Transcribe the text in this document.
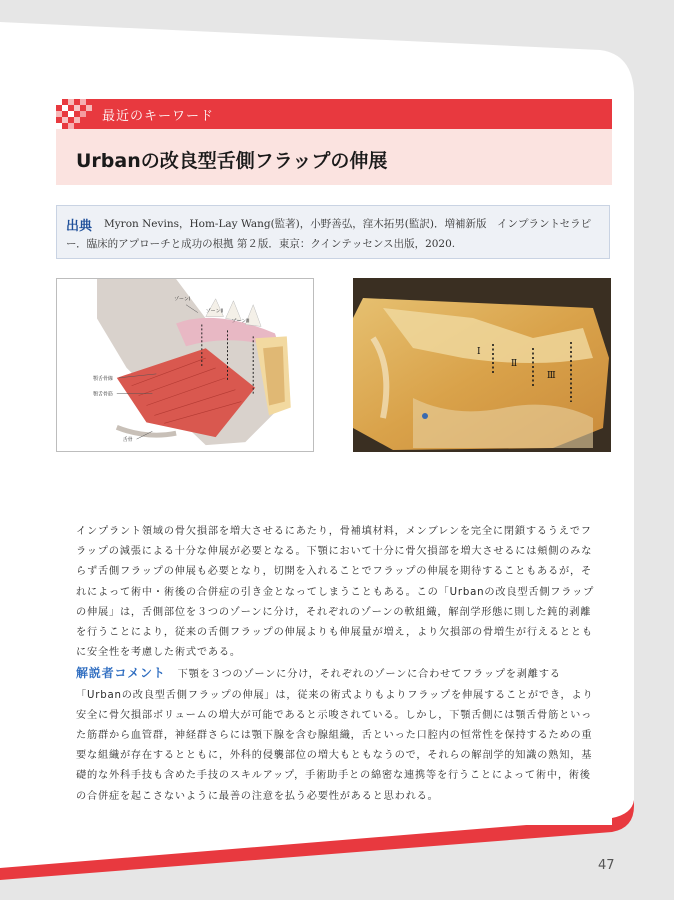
最近のキーワード
Urbanの改良型舌側フラップの伸展
出典	Myron Nevins，Hom-Lay Wang(監著)，小野善弘，窪木拓男(監訳)．増補新版　インプラントセラピー．臨床的アプローチと成功の根拠 第２版．東京：クインテッセンス出版，2020.
ゾーンⅠ
ゾーンⅡ
ゾーンⅢ
顎舌骨線
顎舌骨筋
舌骨
Ⅰ
Ⅱ
Ⅲ

インプラント領域の骨欠損部を増大させるにあたり，骨補填材料，メンブレンを完全に閉鎖するうえでフラップの減張による十分な伸展が必要となる。下顎において十分に骨欠損部を増大させるには頬側のみならず舌側フラップの伸展も必要となり，切開を入れることでフラップの伸展を期待することもあるが，それによって術中・術後の合併症の引き金となってしまうこともある。この「Urbanの改良型舌側フラップの伸展」は，舌側部位を３つのゾーンに分け，それぞれのゾーンの軟組織，解剖学形態に則した鈍的剥離を行うことにより，従来の舌側フラップの伸展よりも伸展量が増え，より欠損部の骨増生が行えるとともに安全性を考慮した術式である。

解説者コメント 下顎を３つのゾーンに分け，それぞれのゾーンに合わせてフラップを剥離する「Urbanの改良型舌側フラップの伸展」は，従来の術式よりもよりフラップを伸展することができ，より安全に骨欠損部ボリュームの増大が可能であると示唆されている。しかし，下顎舌側には顎舌骨筋といった筋群から血管群，神経群さらには顎下腺を含む腺組織，舌といった口腔内の恒常性を保持するための重要な組織が存在するとともに，外科的侵襲部位の増大もともなうので，それらの解剖学的知識の熟知，基礎的な外科手技も含めた手技のスキルアップ，手術助手との綿密な連携等を行うことによって術中，術後の合併症を起こさないように最善の注意を払う必要性があると思われる。

47
